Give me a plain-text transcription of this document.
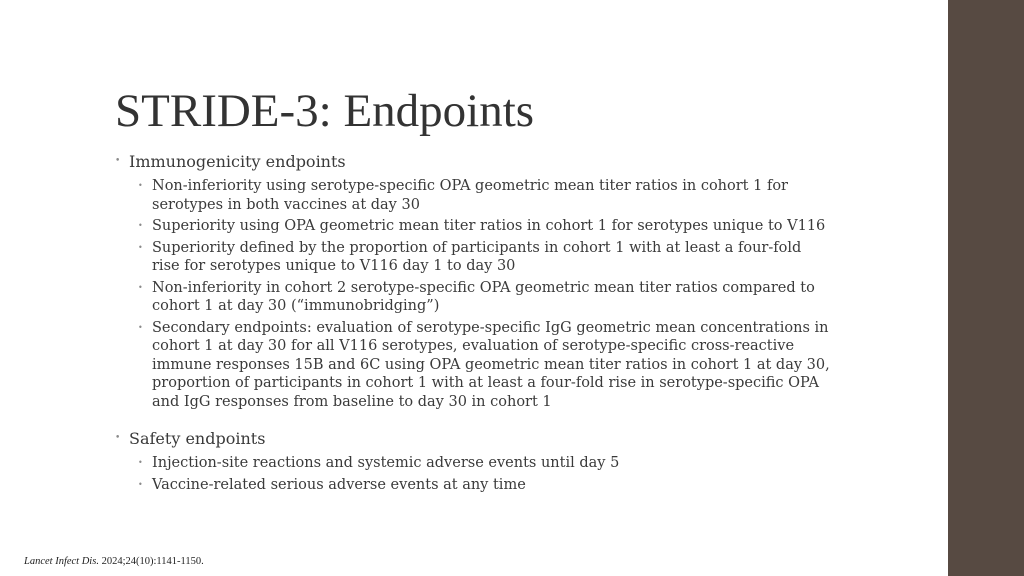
STRIDE-3: Endpoints
• Immunogenicity endpoints
• Non-inferiority using serotype-specific OPA geometric mean titer ratios in cohort 1 for serotypes in both vaccines at day 30
• Superiority using OPA geometric mean titer ratios in cohort 1 for serotypes unique to V116
• Superiority defined by the proportion of participants in cohort 1 with at least a four-fold rise for serotypes unique to V116 day 1 to day 30
• Non-inferiority in cohort 2 serotype-specific OPA geometric mean titer ratios compared to cohort 1 at day 30 (“immunobridging”)
• Secondary endpoints: evaluation of serotype-specific IgG geometric mean concentrations in cohort 1 at day 30 for all V116 serotypes, evaluation of serotype-specific cross-reactive immune responses 15B and 6C using OPA geometric mean titer ratios in cohort 1 at day 30, proportion of participants in cohort 1 with at least a four-fold rise in serotype-specific OPA and IgG responses from baseline to day 30 in cohort 1
• Safety endpoints
• Injection-site reactions and systemic adverse events until day 5
• Vaccine-related serious adverse events at any time
Lancet Infect Dis. 2024;24(10):1141-1150.
